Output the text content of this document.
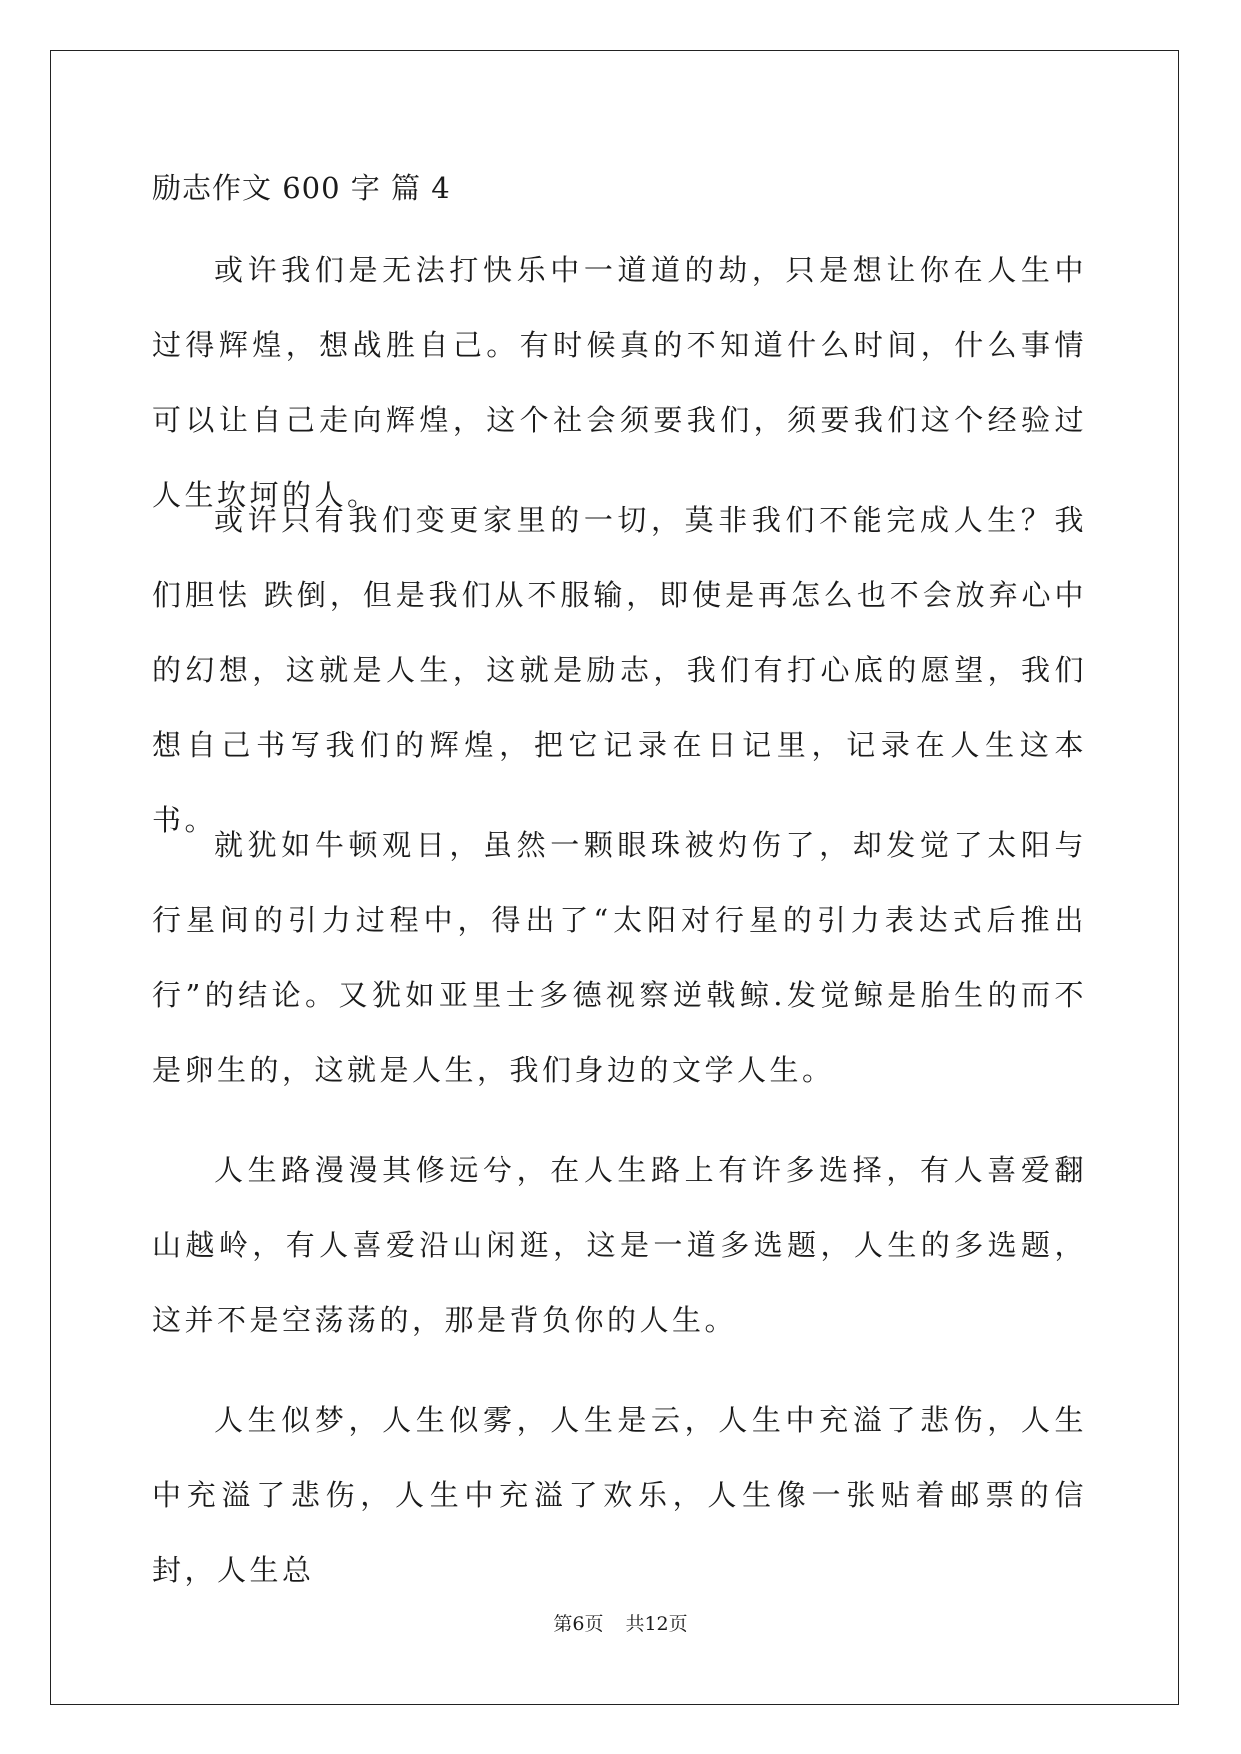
励志作文 600 字 篇 4

或许我们是无法打快乐中一道道的劫，只是想让你在人生中过得辉煌，想战胜自己。有时候真的不知道什么时间，什么事情可以让自己走向辉煌，这个社会须要我们，须要我们这个经验过人生坎坷的人。

或许只有我们变更家里的一切，莫非我们不能完成人生？我们胆怯 跌倒，但是我们从不服输，即使是再怎么也不会放弃心中的幻想，这就是人生，这就是励志，我们有打心底的愿望，我们想自己书写我们的辉煌，把它记录在日记里，记录在人生这本书。

就犹如牛顿观日，虽然一颗眼珠被灼伤了，却发觉了太阳与行星间的引力过程中，得出了“太阳对行星的引力表达式后推出行”的结论。又犹如亚里士多德视察逆戟鲸.发觉鲸是胎生的而不是卵生的，这就是人生，我们身边的文学人生。

人生路漫漫其修远兮，在人生路上有许多选择，有人喜爱翻山越岭，有人喜爱沿山闲逛，这是一道多选题，人生的多选题，这并不是空荡荡的，那是背负你的人生。

人生似梦，人生似雾，人生是云，人生中充溢了悲伤，人生中充溢了悲伤，人生中充溢了欢乐，人生像一张贴着邮票的信封，人生总

第6页 共12页
